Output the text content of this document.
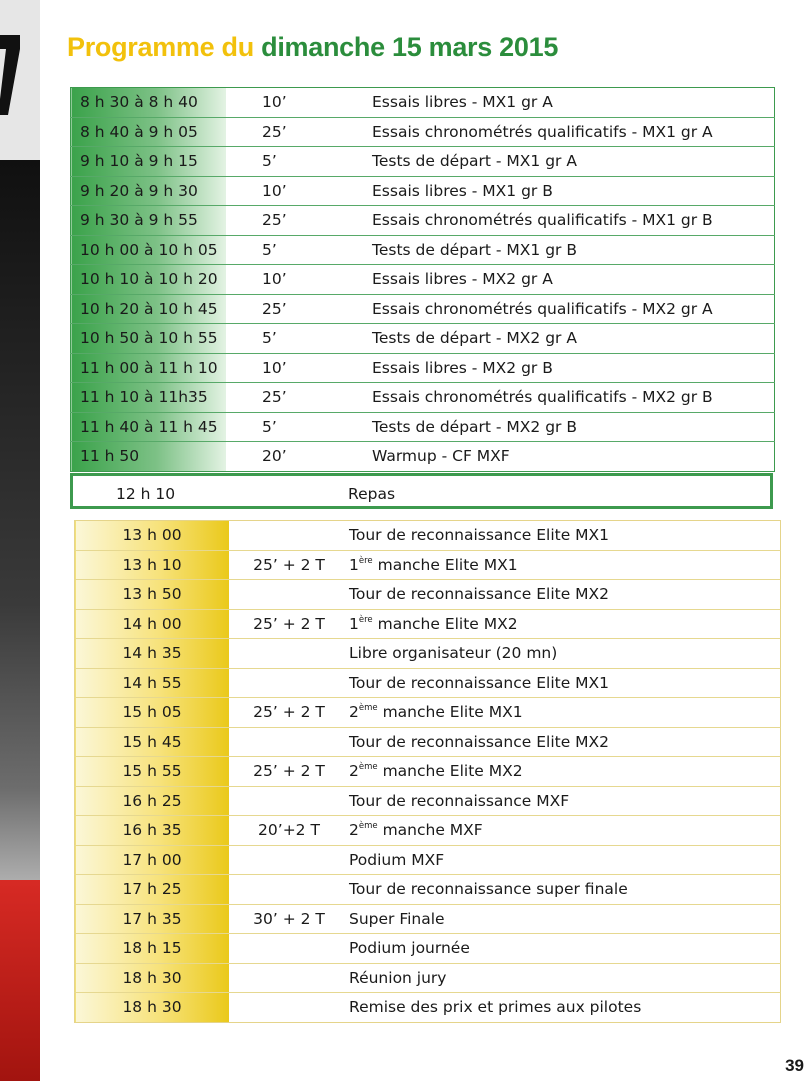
Programme du dimanche 15 mars 2015
8 h 30 à 8 h 40	10’	Essais libres - MX1 gr A
8 h 40 à 9 h 05	25’	Essais chronométrés qualificatifs - MX1 gr A
9 h 10 à 9 h 15	5’	Tests de départ - MX1 gr A
9 h 20 à 9 h 30	10’	Essais libres - MX1 gr B
9 h 30 à 9 h 55	25’	Essais chronométrés qualificatifs - MX1 gr B
10 h 00 à 10 h 05	5’	Tests de départ - MX1 gr B
10 h 10 à 10 h 20	10’	Essais libres - MX2 gr A
10 h 20 à 10 h 45	25’	Essais chronométrés qualificatifs - MX2 gr A
10 h 50 à 10 h 55	5’	Tests de départ - MX2 gr A
11 h 00 à 11 h 10	10’	Essais libres - MX2 gr B
11 h 10 à 11h35	25’	Essais chronométrés qualificatifs - MX2 gr B
11 h 40 à 11 h 45	5’	Tests de départ - MX2 gr B
11 h 50	20’	Warmup - CF MXF
12 h 10	Repas
13 h 00		Tour de reconnaissance Elite MX1
13 h 10	25’ + 2 T	1ère manche Elite MX1
13 h 50		Tour de reconnaissance Elite MX2
14 h 00	25’ + 2 T	1ère manche Elite MX2
14 h 35		Libre organisateur (20 mn)
14 h 55		Tour de reconnaissance Elite MX1
15 h 05	25’ + 2 T	2ème manche Elite MX1
15 h 45		Tour de reconnaissance Elite MX2
15 h 55	25’ + 2 T	2ème manche Elite MX2
16 h 25		Tour de reconnaissance MXF
16 h 35	20’+2 T	2ème manche MXF
17 h 00		Podium MXF
17 h 25		Tour de reconnaissance super finale
17 h 35	30’ + 2 T	Super Finale
18 h 15		Podium journée
18 h 30		Réunion jury
18 h 30		Remise des prix et primes aux pilotes
39
